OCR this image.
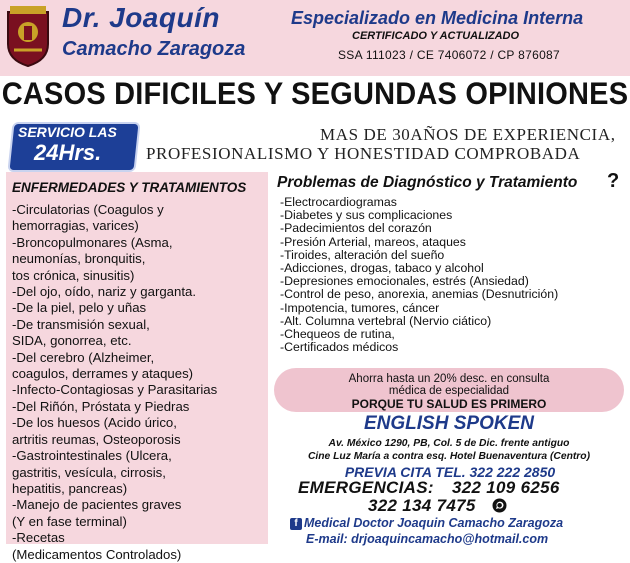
Dr. Joaquín
Camacho Zaragoza
Especializado en Medicina Interna
CERTIFICADO Y ACTUALIZADO
SSA 111023 / CE 7406072 / CP 876087
CASOS DIFICILES Y SEGUNDAS OPINIONES
SERVICIO LAS
24Hrs.
MAS DE 30AÑOS DE EXPERIENCIA,
PROFESIONALISMO Y HONESTIDAD COMPROBADA
ENFERMEDADES Y TRATAMIENTOS
-Circulatorias (Coagulos y
hemorragias, varices)
-Broncopulmonares (Asma,
neumonías, bronquitis,
tos crónica, sinusitis)
-Del ojo, oído, nariz y garganta.
-De la piel, pelo y uñas
-De transmisión sexual,
SIDA, gonorrea, etc.
-Del cerebro (Alzheimer,
coagulos, derrames y ataques)
-Infecto-Contagiosas y Parasitarias
-Del Riñón, Próstata y Piedras
-De los huesos (Acido úrico,
artritis reumas, Osteoporosis
-Gastrointestinales (Ulcera,
gastritis, vesícula, cirrosis,
hepatitis, pancreas)
-Manejo de pacientes graves
(Y en fase terminal)
-Recetas
(Medicamentos Controlados)
Problemas de Diagnóstico y Tratamiento ?
-Electrocardiogramas
-Diabetes y sus complicaciones
-Padecimientos del corazón
-Presión Arterial, mareos, ataques
-Tiroides, alteración del sueño
-Adicciones, drogas, tabaco y alcohol
-Depresiones emocionales, estrés (Ansiedad)
-Control de peso, anorexia, anemias (Desnutrición)
-Impotencia, tumores, cáncer
-Alt. Columna vertebral (Nervio ciático)
-Chequeos de rutina,
-Certificados médicos
Ahorra hasta un 20% desc. en consulta
médica de especialidad
PORQUE TU SALUD ES PRIMERO
ENGLISH SPOKEN
Av. México 1290, PB, Col. 5 de Dic. frente antiguo
Cine Luz María a contra esq. Hotel Buenaventura (Centro)
PREVIA CITA TEL. 322 222 2850
EMERGENCIAS: 322 109 6256
322 134 7475
f Medical Doctor Joaquin Camacho Zaragoza
E-mail: drjoaquincamacho@hotmail.com
